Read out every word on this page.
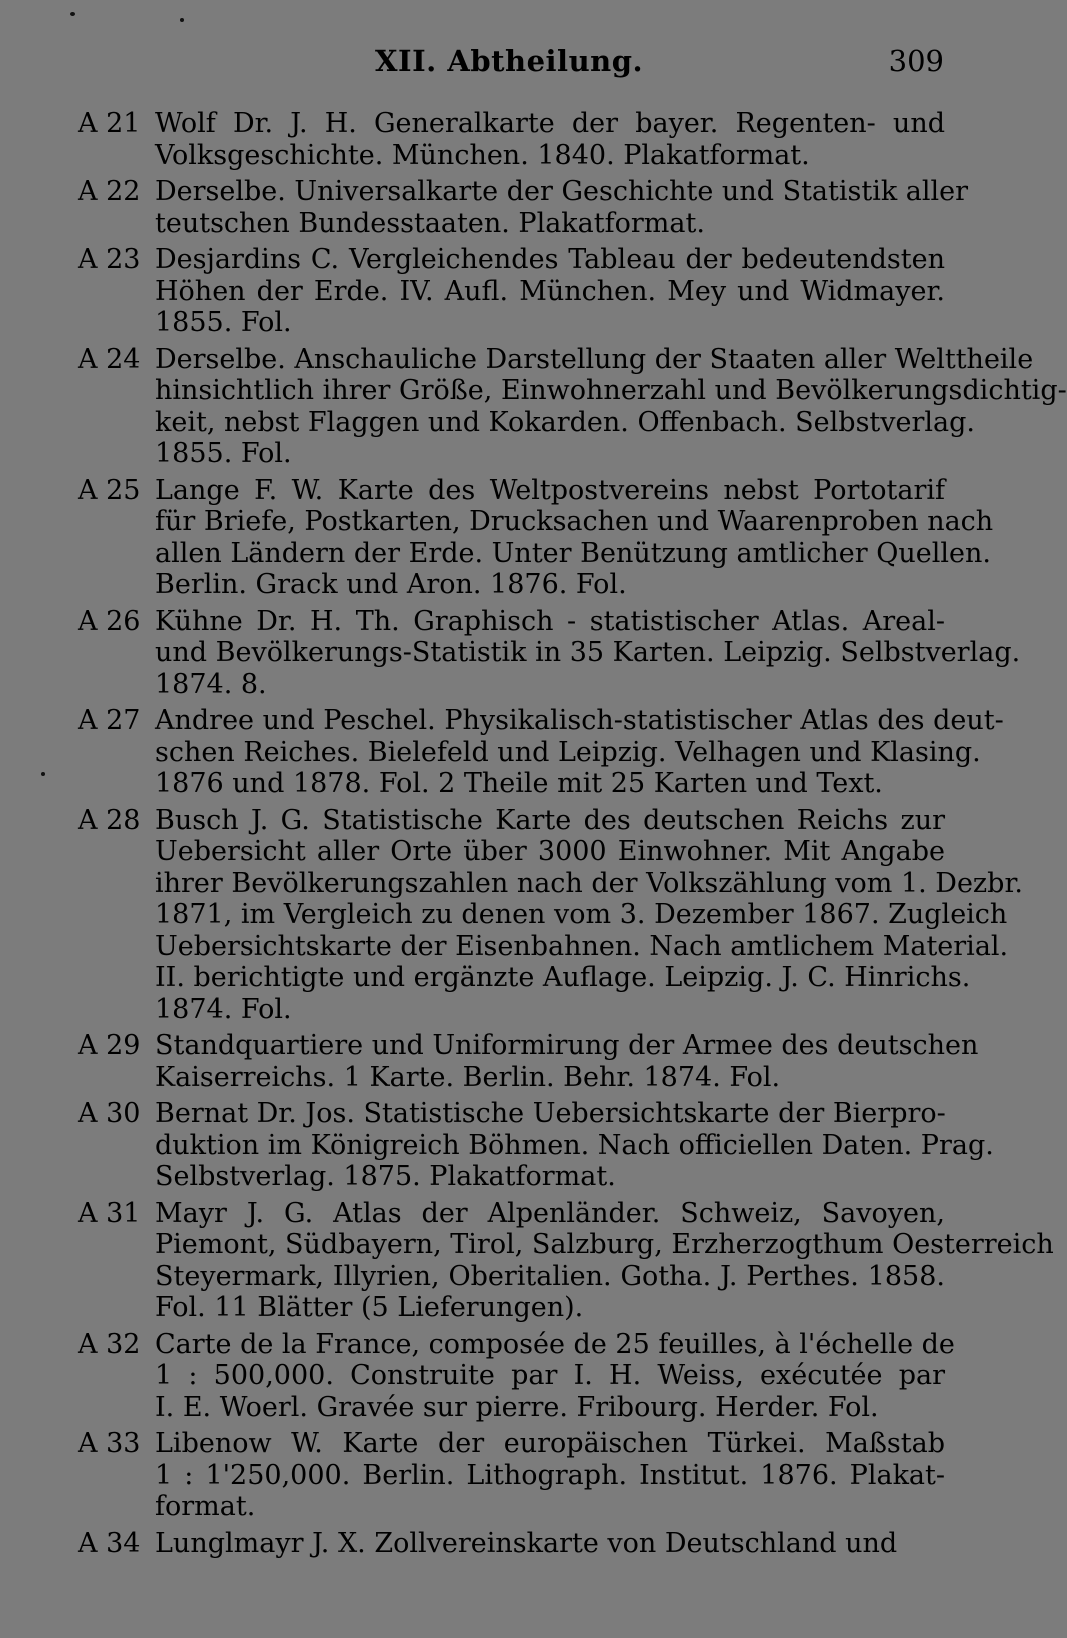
XII. Abtheilung.	309
A 21 Wolf Dr. J. H. Generalkarte der bayer. Regenten- und
Volksgeschichte. München. 1840. Plakatformat.
A 22 Derselbe. Universalkarte der Geschichte und Statistik aller
teutschen Bundesstaaten. Plakatformat.
A 23 Desjardins C. Vergleichendes Tableau der bedeutendsten
Höhen der Erde. IV. Aufl. München. Mey und Widmayer.
1855. Fol.
A 24 Derselbe. Anschauliche Darstellung der Staaten aller Welttheile
hinsichtlich ihrer Größe, Einwohnerzahl und Bevölkerungsdichtig-
keit, nebst Flaggen und Kokarden. Offenbach. Selbstverlag.
1855. Fol.
A 25 Lange F. W. Karte des Weltpostvereins nebst Portotarif
für Briefe, Postkarten, Drucksachen und Waarenproben nach
allen Ländern der Erde. Unter Benützung amtlicher Quellen.
Berlin. Grack und Aron. 1876. Fol.
A 26 Kühne Dr. H. Th. Graphisch - statistischer Atlas. Areal-
und Bevölkerungs-Statistik in 35 Karten. Leipzig. Selbstverlag.
1874. 8.
A 27 Andree und Peschel. Physikalisch-statistischer Atlas des deut-
schen Reiches. Bielefeld und Leipzig. Velhagen und Klasing.
1876 und 1878. Fol. 2 Theile mit 25 Karten und Text.
A 28 Busch J. G. Statistische Karte des deutschen Reichs zur
Uebersicht aller Orte über 3000 Einwohner. Mit Angabe
ihrer Bevölkerungszahlen nach der Volkszählung vom 1. Dezbr.
1871, im Vergleich zu denen vom 3. Dezember 1867. Zugleich
Uebersichtskarte der Eisenbahnen. Nach amtlichem Material.
II. berichtigte und ergänzte Auflage. Leipzig. J. C. Hinrichs.
1874. Fol.
A 29 Standquartiere und Uniformirung der Armee des deutschen
Kaiserreichs. 1 Karte. Berlin. Behr. 1874. Fol.
A 30 Bernat Dr. Jos. Statistische Uebersichtskarte der Bierpro-
duktion im Königreich Böhmen. Nach officiellen Daten. Prag.
Selbstverlag. 1875. Plakatformat.
A 31 Mayr J. G. Atlas der Alpenländer. Schweiz, Savoyen,
Piemont, Südbayern, Tirol, Salzburg, Erzherzogthum Oesterreich
Steyermark, Illyrien, Oberitalien. Gotha. J. Perthes. 1858.
Fol. 11 Blätter (5 Lieferungen).
A 32 Carte de la France, composée de 25 feuilles, à l'échelle de
1 : 500,000. Construite par I. H. Weiss, exécutée par
I. E. Woerl. Gravée sur pierre. Fribourg. Herder. Fol.
A 33 Libenow W. Karte der europäischen Türkei. Maßstab
1 : 1'250,000. Berlin. Lithograph. Institut. 1876. Plakat-
format.
A 34 Lunglmayr J. X. Zollvereinskarte von Deutschland und
